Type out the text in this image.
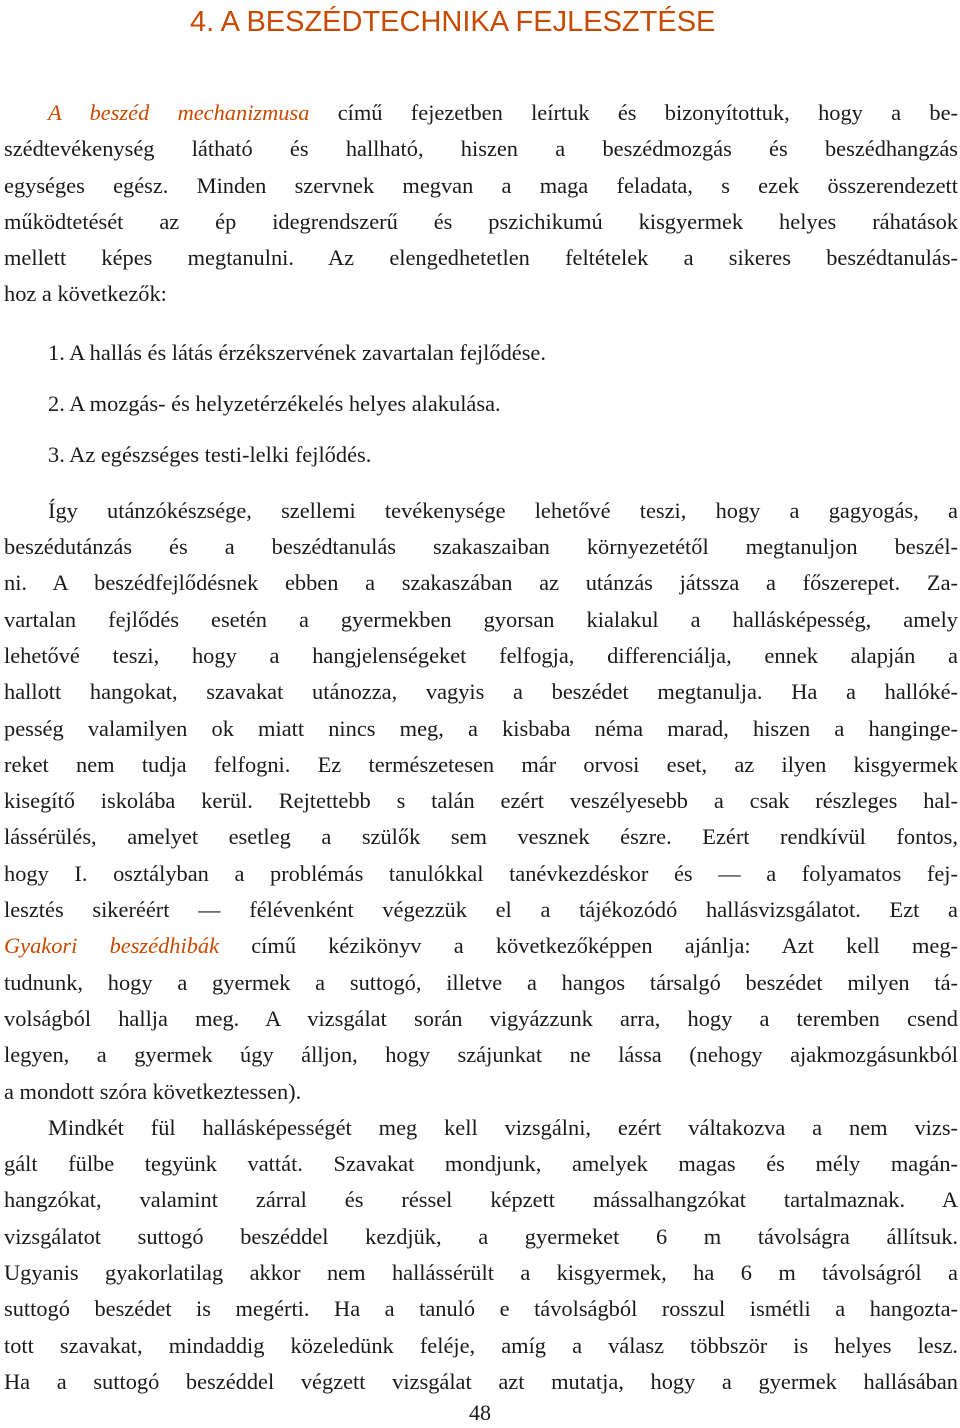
4. A BESZÉDTECHNIKA FEJLESZTÉSE

A beszéd mechanizmusa című fejezetben leírtuk és bizonyítottuk, hogy a be-
szédtevékenység látható és hallható, hiszen a beszédmozgás és beszédhangzás
egységes egész. Minden szervnek megvan a maga feladata, s ezek összerendezett
működtetését az ép idegrendszerű és pszichikumú kisgyermek helyes ráhatások
mellett képes megtanulni. Az elengedhetetlen feltételek a sikeres beszédtanulás-
hoz a következők:

1. A hallás és látás érzékszervének zavartalan fejlődése.
2. A mozgás- és helyzetérzékelés helyes alakulása.
3. Az egészséges testi-lelki fejlődés.

Így utánzókészsége, szellemi tevékenysége lehetővé teszi, hogy a gagyogás, a
beszédutánzás és a beszédtanulás szakaszaiban környezetétől megtanuljon beszél-
ni. A beszédfejlődésnek ebben a szakaszában az utánzás játssza a főszerepet. Za-
vartalan fejlődés esetén a gyermekben gyorsan kialakul a hallásképesség, amely
lehetővé teszi, hogy a hangjelenségeket felfogja, differenciálja, ennek alapján a
hallott hangokat, szavakat utánozza, vagyis a beszédet megtanulja. Ha a hallóké-
pesség valamilyen ok miatt nincs meg, a kisbaba néma marad, hiszen a hanginge-
reket nem tudja felfogni. Ez természetesen már orvosi eset, az ilyen kisgyermek
kisegítő iskolába kerül. Rejtettebb s talán ezért veszélyesebb a csak részleges hal-
lássérülés, amelyet esetleg a szülők sem vesznek észre. Ezért rendkívül fontos,
hogy I. osztályban a problémás tanulókkal tanévkezdéskor és — a folyamatos fej-
lesztés sikeréért — félévenként végezzük el a tájékozódó hallásvizsgálatot. Ezt a
Gyakori beszédhibák című kézikönyv a következőképpen ajánlja: Azt kell meg-
tudnunk, hogy a gyermek a suttogó, illetve a hangos társalgó beszédet milyen tá-
volságból hallja meg. A vizsgálat során vigyázzunk arra, hogy a teremben csend
legyen, a gyermek úgy álljon, hogy szájunkat ne lássa (nehogy ajakmozgásunkból
a mondott szóra következtessen).

Mindkét fül hallásképességét meg kell vizsgálni, ezért váltakozva a nem vizs-
gált fülbe tegyünk vattát. Szavakat mondjunk, amelyek magas és mély magán-
hangzókat, valamint zárral és réssel képzett mássalhangzókat tartalmaznak. A
vizsgálatot suttogó beszéddel kezdjük, a gyermeket 6 m távolságra állítsuk.
Ugyanis gyakorlatilag akkor nem hallássérült a kisgyermek, ha 6 m távolságról a
suttogó beszédet is megérti. Ha a tanuló e távolságból rosszul ismétli a hangozta-
tott szavakat, mindaddig közeledünk feléje, amíg a válasz többször is helyes lesz.
Ha a suttogó beszéddel végzett vizsgálat azt mutatja, hogy a gyermek hallásában

48
